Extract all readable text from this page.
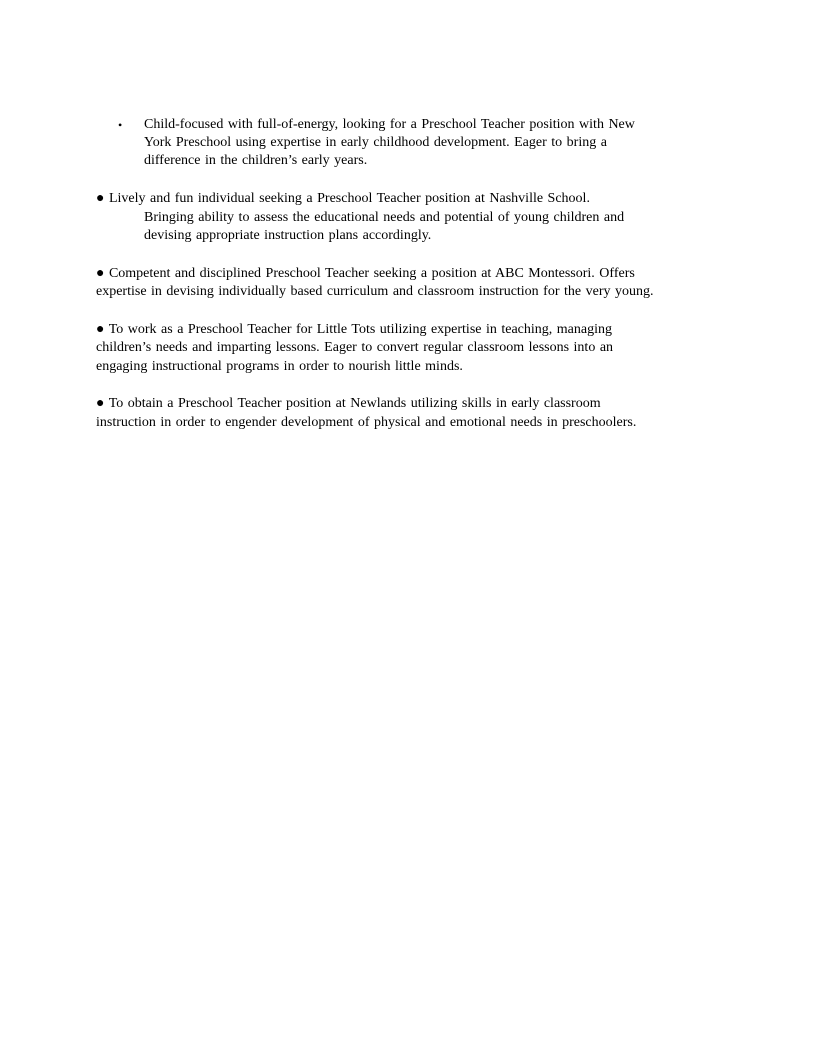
• Child-focused with full-of-energy, looking for a Preschool Teacher position with New
York Preschool using expertise in early childhood development. Eager to bring a
difference in the children’s early years.
● Lively and fun individual seeking a Preschool Teacher position at Nashville School.
Bringing ability to assess the educational needs and potential of young children and
devising appropriate instruction plans accordingly.
● Competent and disciplined Preschool Teacher seeking a position at ABC Montessori. Offers
expertise in devising individually based curriculum and classroom instruction for the very young.
● To work as a Preschool Teacher for Little Tots utilizing expertise in teaching, managing
children’s needs and imparting lessons. Eager to convert regular classroom lessons into an
engaging instructional programs in order to nourish little minds.
● To obtain a Preschool Teacher position at Newlands utilizing skills in early classroom
instruction in order to engender development of physical and emotional needs in preschoolers.
